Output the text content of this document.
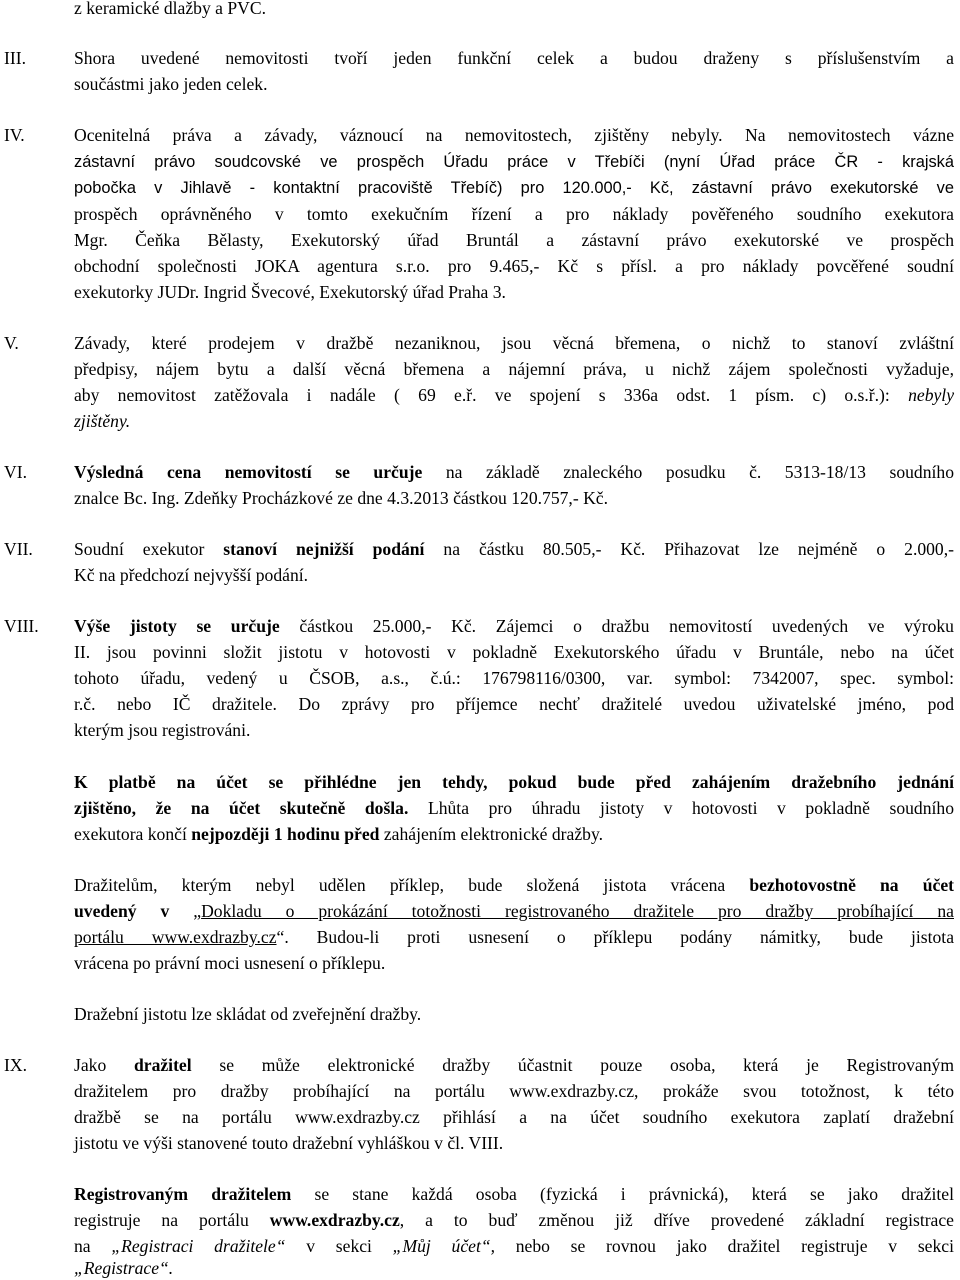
z keramické dlažby a PVC.
III.	Shora uvedené nemovitosti tvoří jeden funkční celek a budou draženy s příslušenstvím a
součástmi jako jeden celek.
IV.	Ocenitelná práva a závady, váznoucí na nemovitostech, zjištěny nebyly. Na nemovitostech vázne
zástavní právo soudcovské ve prospěch Úřadu práce v Třebíči (nyní Úřad práce ČR - krajská
pobočka v Jihlavě - kontaktní pracoviště Třebíč) pro 120.000,- Kč, zástavní právo exekutorské ve
prospěch oprávněného v tomto exekučním řízení a pro náklady pověřeného soudního exekutora
Mgr. Čeňka Bělasty, Exekutorský úřad Bruntál a zástavní právo exekutorské ve prospěch
obchodní společnosti JOKA agentura s.r.o. pro 9.465,- Kč s přísl. a pro náklady povcěřené soudní
exekutorky JUDr. Ingrid Švecové, Exekutorský úřad Praha 3.
V.	Závady, které prodejem v dražbě nezaniknou, jsou věcná břemena, o nichž to stanoví zvláštní
předpisy, nájem bytu a další věcná břemena a nájemní práva, u nichž zájem společnosti vyžaduje,
aby nemovitost zatěžovala i nadále ( 69 e.ř. ve spojení s 336a odst. 1 písm. c) o.s.ř.): nebyly
zjištěny.
VI.	Výsledná cena nemovitostí se určuje na základě znaleckého posudku č. 5313-18/13 soudního
znalce Bc. Ing. Zdeňky Procházkové ze dne 4.3.2013 částkou 120.757,- Kč.
VII. Soudní exekutor stanoví nejnižší podání na částku 80.505,- Kč. Přihazovat lze nejméně o 2.000,-
Kč na předchozí nejvyšší podání.
VIII. Výše jistoty se určuje částkou 25.000,- Kč. Zájemci o dražbu nemovitostí uvedených ve výroku
II. jsou povinni složit jistotu v hotovosti v pokladně Exekutorského úřadu v Bruntále, nebo na účet
tohoto úřadu, vedený u ČSOB, a.s., č.ú.: 176798116/0300, var. symbol: 7342007, spec. symbol:
r.č. nebo IČ dražitele. Do zprávy pro příjemce nechť dražitelé uvedou uživatelské jméno, pod
kterým jsou registrováni.
K platbě na účet se přihlédne jen tehdy, pokud bude před zahájením dražebního jednání
zjištěno, že na účet skutečně došla. Lhůta pro úhradu jistoty v hotovosti v pokladně soudního
exekutora končí nejpozději 1 hodinu před zahájením elektronické dražby.
Dražitelům, kterým nebyl udělen příklep, bude složená jistota vrácena bezhotovostně na účet
uvedený v „Dokladu o prokázání totožnosti registrovaného dražitele pro dražby probíhající na
portálu www.exdrazby.cz“. Budou-li proti usnesení o příklepu podány námitky, bude jistota
vrácena po právní moci usnesení o příklepu.
Dražební jistotu lze skládat od zveřejnění dražby.
IX.	Jako dražitel se může elektronické dražby účastnit pouze osoba, která je Registrovaným
dražitelem pro dražby probíhající na portálu www.exdrazby.cz, prokáže svou totožnost, k této
dražbě se na portálu www.exdrazby.cz přihlásí a na účet soudního exekutora zaplatí dražební
jistotu ve výši stanovené touto dražební vyhláškou v čl. VIII.
Registrovaným dražitelem se stane každá osoba (fyzická i právnická), která se jako dražitel
registruje na portálu www.exdrazby.cz, a to buď změnou již dříve provedené základní registrace
na „Registraci dražitele“ v sekci „Můj účet“, nebo se rovnou jako dražitel registruje v sekci
„Registrace“.
